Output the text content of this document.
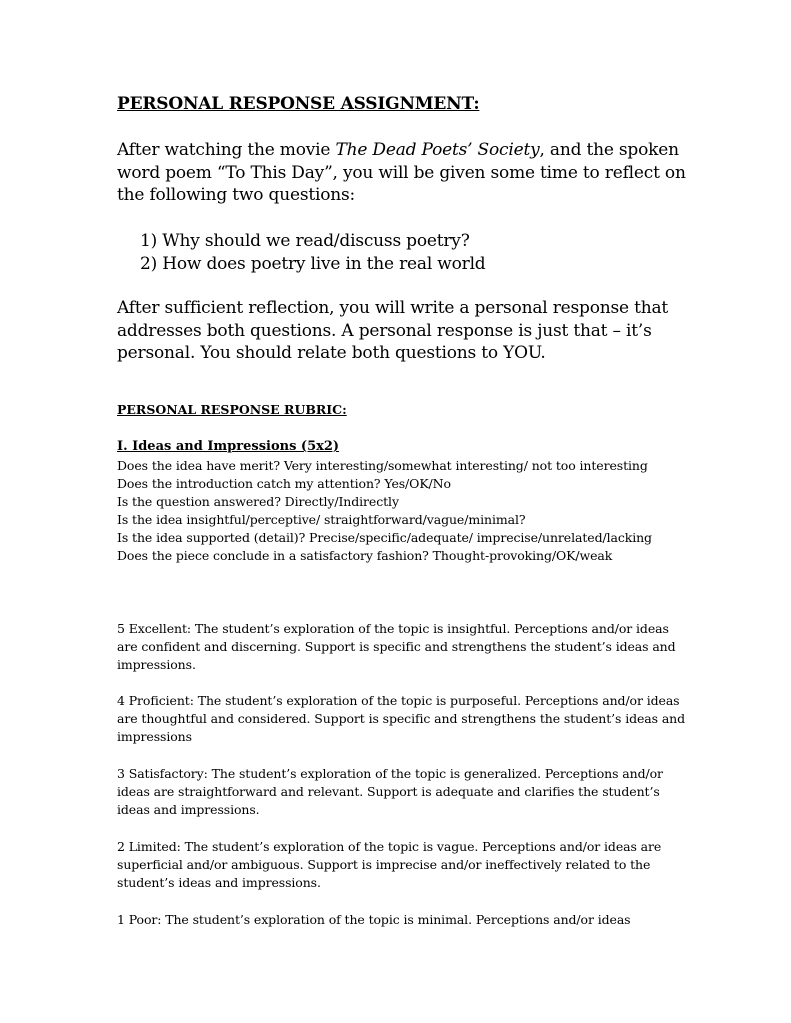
PERSONAL RESPONSE ASSIGNMENT:
After watching the movie The Dead Poets’ Society, and the spoken word poem “To This Day”, you will be given some time to reflect on the following two questions:
1) Why should we read/discuss poetry?
2) How does poetry live in the real world
After sufficient reflection, you will write a personal response that addresses both questions. A personal response is just that – it’s personal. You should relate both questions to YOU.
PERSONAL RESPONSE RUBRIC:
I. Ideas and Impressions (5x2)
Does the idea have merit? Very interesting/somewhat interesting/ not too interesting
Does the introduction catch my attention? Yes/OK/No
Is the question answered? Directly/Indirectly
Is the idea insightful/perceptive/ straightforward/vague/minimal?
Is the idea supported (detail)? Precise/specific/adequate/ imprecise/unrelated/lacking
Does the piece conclude in a satisfactory fashion? Thought-provoking/OK/weak
5 Excellent: The student’s exploration of the topic is insightful. Perceptions and/or ideas are confident and discerning. Support is specific and strengthens the student’s ideas and impressions.
4 Proficient: The student’s exploration of the topic is purposeful. Perceptions and/or ideas are thoughtful and considered. Support is specific and strengthens the student’s ideas and impressions
3 Satisfactory: The student’s exploration of the topic is generalized. Perceptions and/or ideas are straightforward and relevant. Support is adequate and clarifies the student’s ideas and impressions.
2 Limited: The student’s exploration of the topic is vague. Perceptions and/or ideas are superficial and/or ambiguous. Support is imprecise and/or ineffectively related to the student’s ideas and impressions.
1 Poor: The student’s exploration of the topic is minimal. Perceptions and/or ideas
